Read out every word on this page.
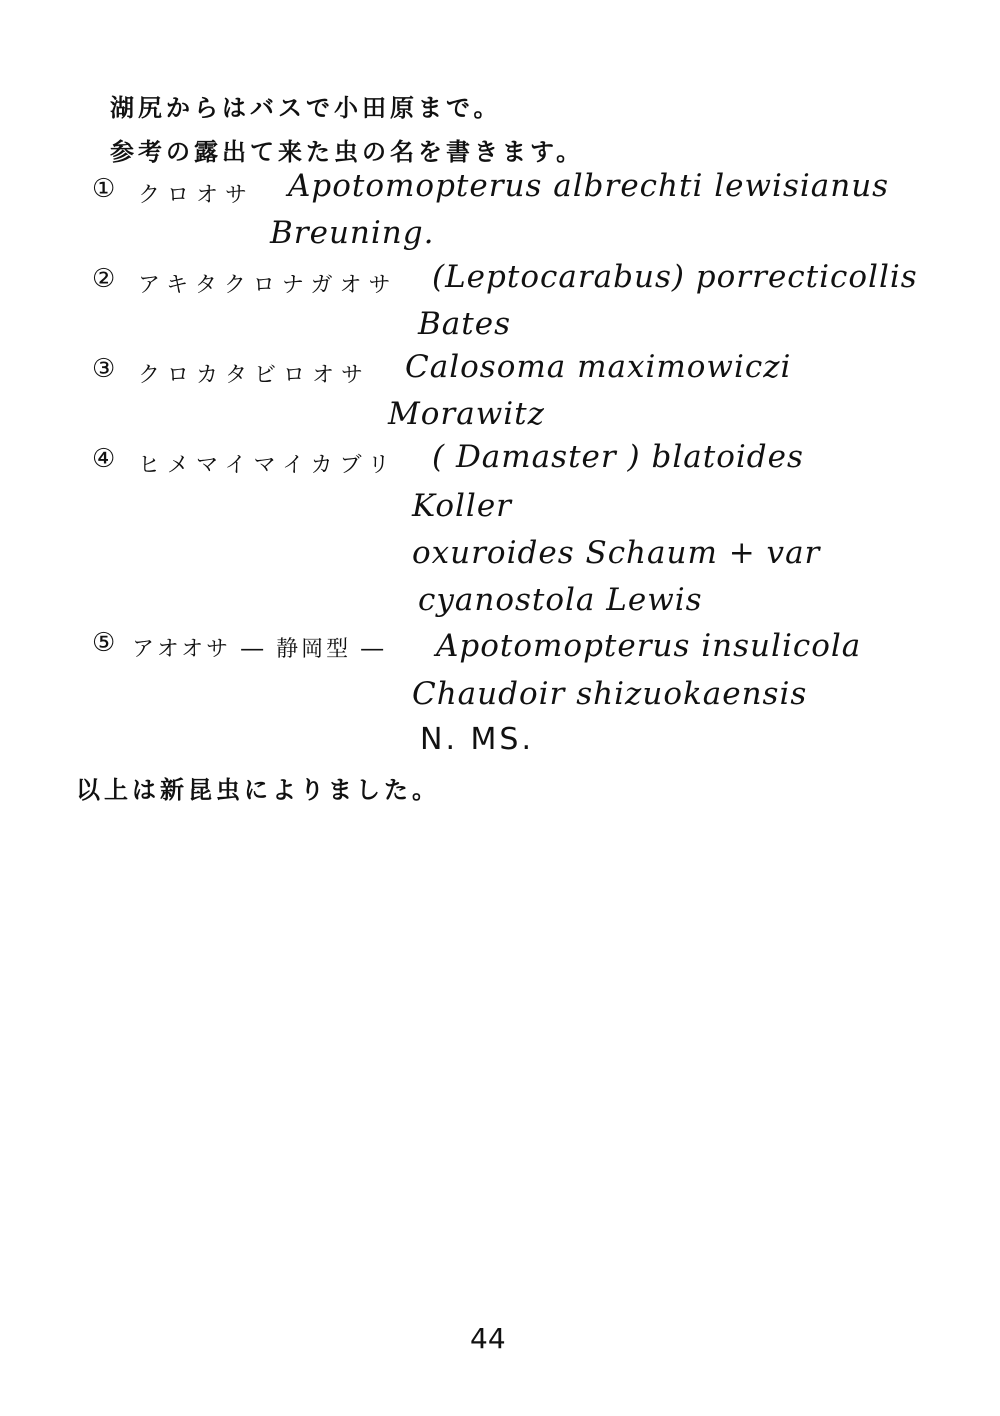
湖尻からはバスで小田原まで。
参考の露出て来た虫の名を書きます。
① クロオサ Apotomopterus albrechti lewisianus
Breuning.
② アキタクロナガオサ (Leptocarabus) porrecticollis
Bates
③ クロカタビロオサ Calosoma maximowiczi
Morawitz
④ ヒメマイマイカブリ ( Damaster ) blatoides
Koller
oxuroides Schaum + var
cyanostola Lewis
⑤ アオオサ ― 静岡型 ― Apotomopterus insulicola
Chaudoir shizuokaensis
N. MS.
以上は新昆虫によりました。
44
